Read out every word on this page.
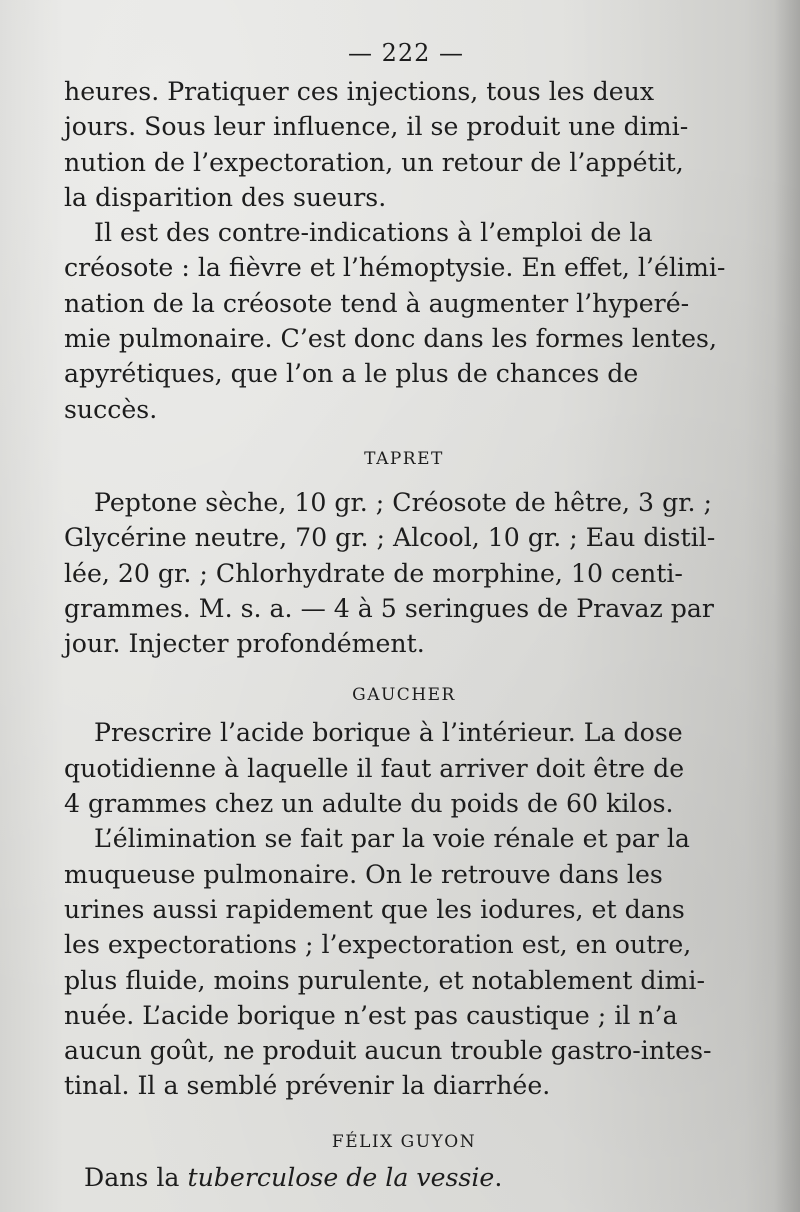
— 222 —

heures. Pratiquer ces injections, tous les deux
jours. Sous leur influence, il se produit une dimi-
nution de l’expectoration, un retour de l’appétit,
la disparition des sueurs.

Il est des contre-indications à l’emploi de la
créosote : la fièvre et l’hémoptysie. En effet, l’élimi-
nation de la créosote tend à augmenter l’hyperé-
mie pulmonaire. C’est donc dans les formes lentes,
apyrétiques, que l’on a le plus de chances de
succès.

TAPRET

Peptone sèche, 10 gr. ; Créosote de hêtre, 3 gr. ;
Glycérine neutre, 70 gr. ; Alcool, 10 gr. ; Eau distil-
lée, 20 gr. ; Chlorhydrate de morphine, 10 centi-
grammes. M. s. a. — 4 à 5 seringues de Pravaz par
jour. Injecter profondément.

GAUCHER

Prescrire l’acide borique à l’intérieur. La dose
quotidienne à laquelle il faut arriver doit être de
4 grammes chez un adulte du poids de 60 kilos.

L’élimination se fait par la voie rénale et par la
muqueuse pulmonaire. On le retrouve dans les
urines aussi rapidement que les iodures, et dans
les expectorations ; l’expectoration est, en outre,
plus fluide, moins purulente, et notablement dimi-
nuée. L’acide borique n’est pas caustique ; il n’a
aucun goût, ne produit aucun trouble gastro-intes-
tinal. Il a semblé prévenir la diarrhée.

FÉLIX GUYON

Dans la tuberculose de la vessie.
